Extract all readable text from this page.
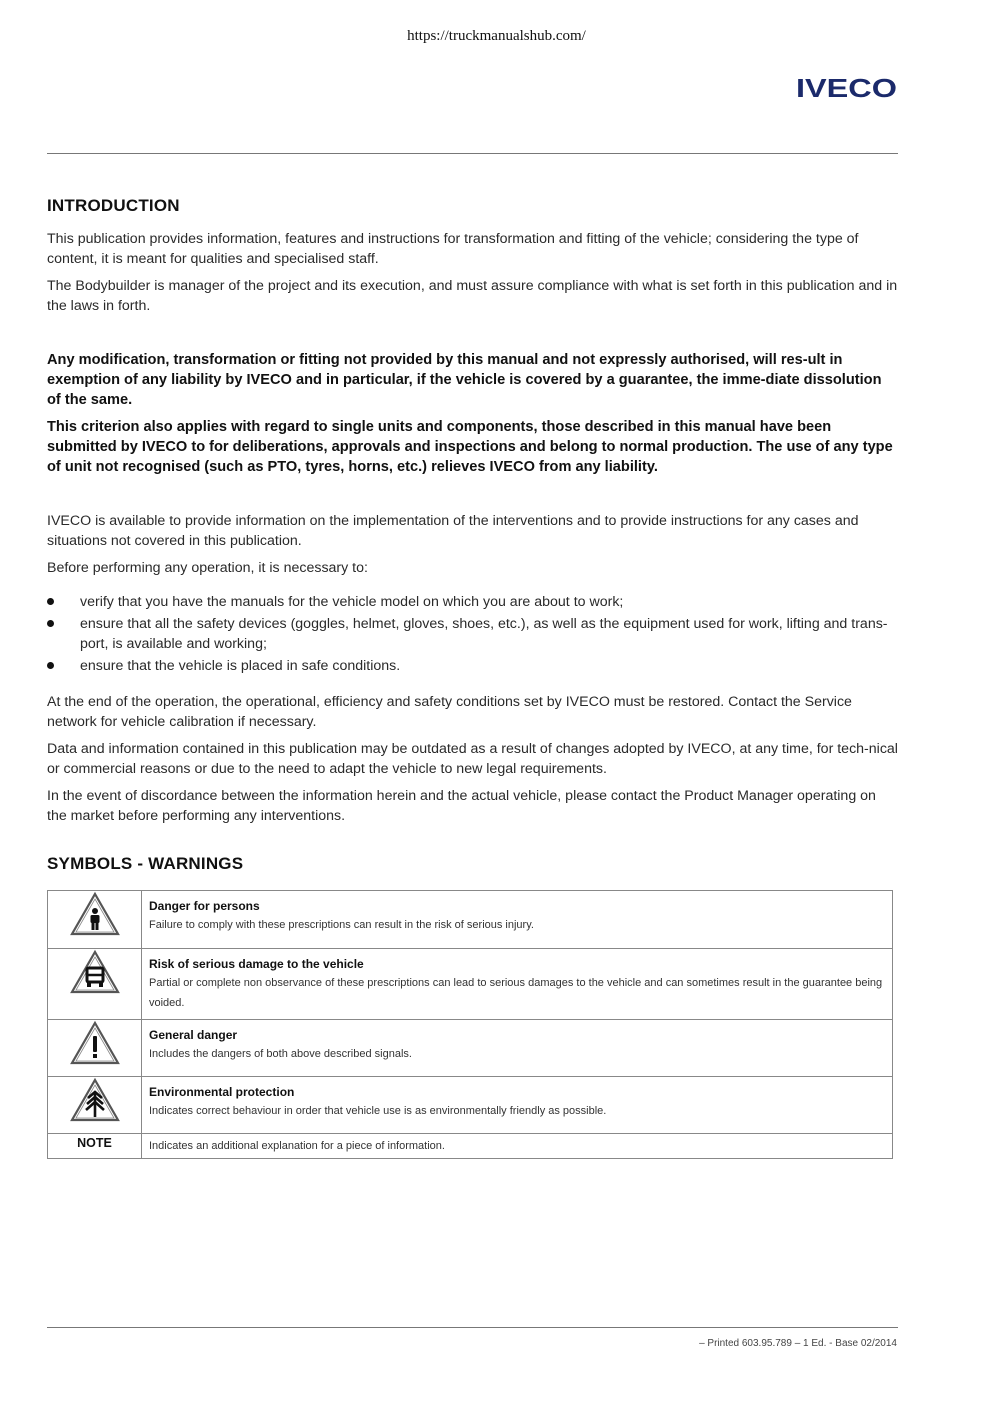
https://truckmanualshub.com/
IVECO
INTRODUCTION

This publication provides information, features and instructions for transformation and fitting of the vehicle; considering the type of content, it is meant for qualities and specialised staff.

The Bodybuilder is manager of the project and its execution, and must assure compliance with what is set forth in this publication and in the laws in forth.

Any modification, transformation or fitting not provided by this manual and not expressly authorised, will res-ult in exemption of any liability by IVECO and in particular, if the vehicle is covered by a guarantee, the imme-diate dissolution of the same.

This criterion also applies with regard to single units and components, those described in this manual have been submitted by IVECO to for deliberations, approvals and inspections and belong to normal production. The use of any type of unit not recognised (such as PTO, tyres, horns, etc.) relieves IVECO from any liability.

IVECO is available to provide information on the implementation of the interventions and to provide instructions for any cases and situations not covered in this publication.

Before performing any operation, it is necessary to:

verify that you have the manuals for the vehicle model on which you are about to work;
ensure that all the safety devices (goggles, helmet, gloves, shoes, etc.), as well as the equipment used for work, lifting and trans-port, is available and working;
ensure that the vehicle is placed in safe conditions.

At the end of the operation, the operational, efficiency and safety conditions set by IVECO must be restored. Contact the Service network for vehicle calibration if necessary.

Data and information contained in this publication may be outdated as a result of changes adopted by IVECO, at any time, for tech-nical or commercial reasons or due to the need to adapt the vehicle to new legal requirements.

In the event of discordance between the information herein and the actual vehicle, please contact the Product Manager operating on the market before performing any interventions.

SYMBOLS - WARNINGS

Danger for persons
Failure to comply with these prescriptions can result in the risk of serious injury.

Risk of serious damage to the vehicle
Partial or complete non observance of these prescriptions can lead to serious damages to the vehicle and can sometimes result in the guarantee being voided.

General danger
Includes the dangers of both above described signals.

Environmental protection
Indicates correct behaviour in order that vehicle use is as environmentally friendly as possible.

NOTE	Indicates an additional explanation for a piece of information.
– Printed 603.95.789 – 1 Ed. - Base 02/2014
